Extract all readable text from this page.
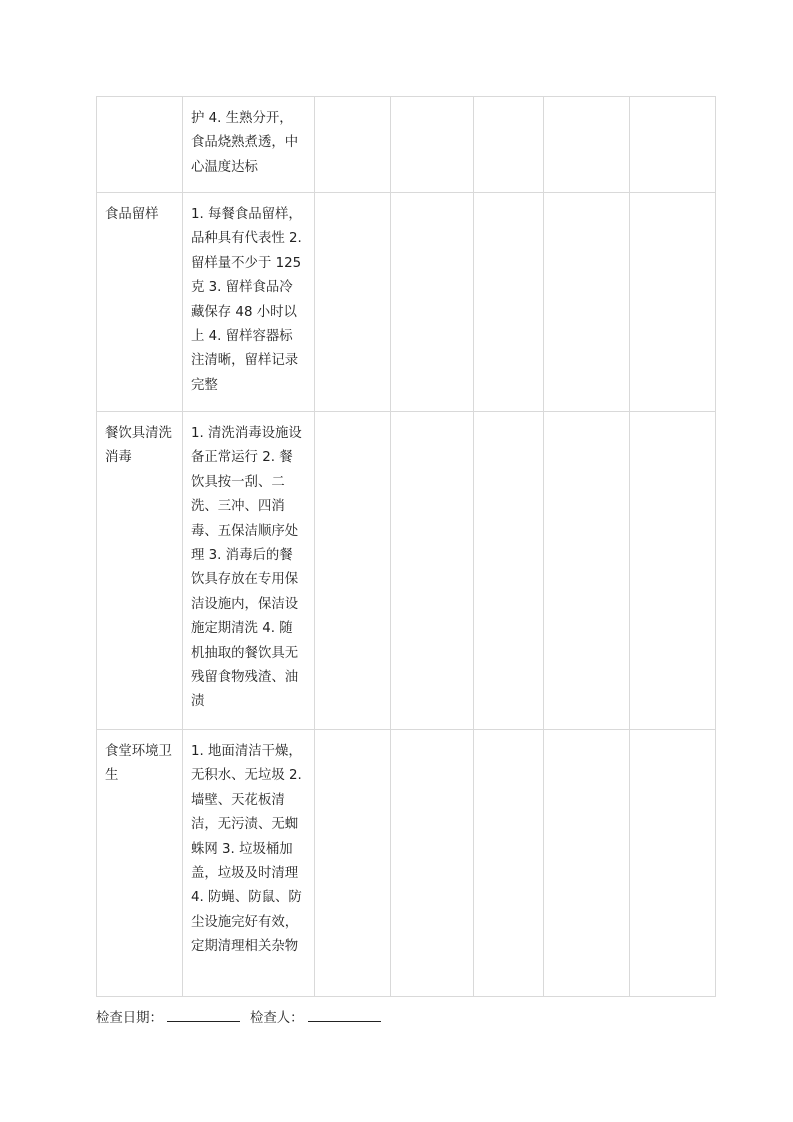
	护 4. 生熟分开，食品烧熟煮透，中心温度达标					
食品留样	1. 每餐食品留样，品种具有代表性 2. 留样量不少于 125 克 3. 留样食品冷藏保存 48 小时以上 4. 留样容器标注清晰，留样记录完整					
餐饮具清洗消毒	1. 清洗消毒设施设备正常运行 2. 餐饮具按一刮、二洗、三冲、四消毒、五保洁顺序处理 3. 消毒后的餐饮具存放在专用保洁设施内，保洁设施定期清洗 4. 随机抽取的餐饮具无残留食物残渣、油渍					
食堂环境卫生	1. 地面清洁干燥，无积水、无垃圾 2. 墙壁、天花板清洁，无污渍、无蜘蛛网 3. 垃圾桶加盖，垃圾及时清理 4. 防蝇、防鼠、防尘设施完好有效，定期清理相关杂物					
检查日期：	检查人：
